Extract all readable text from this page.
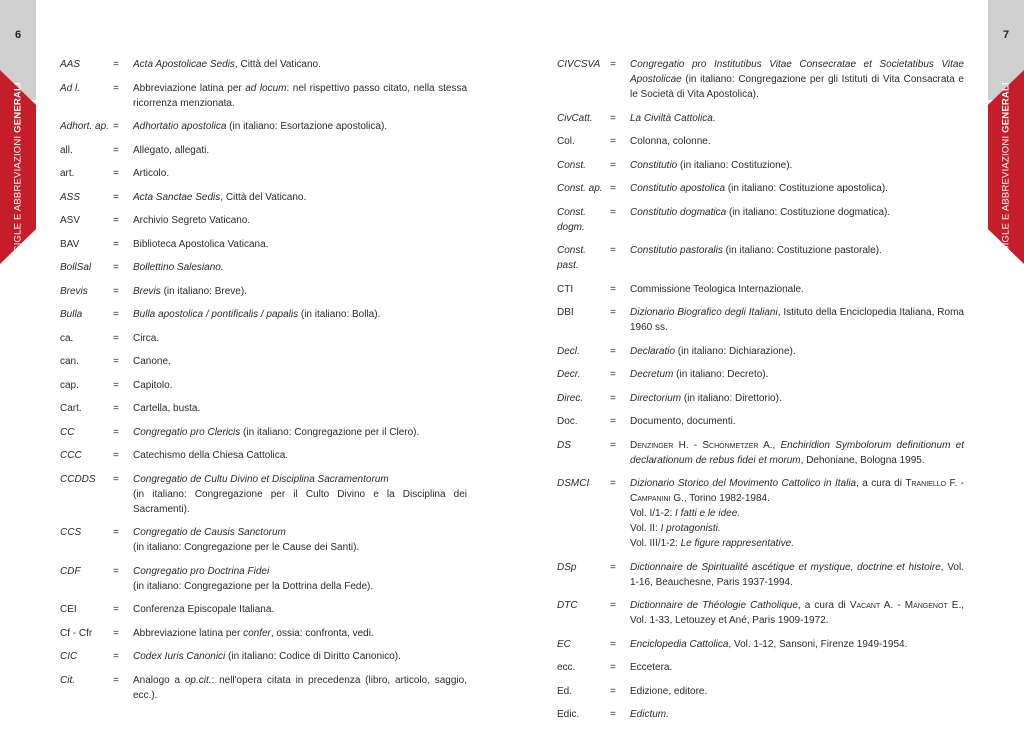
6
SIGLE E ABBREVIAZIONI GENERALI
7
SIGLE E ABBREVIAZIONI GENERALI
AAS	=	Acta Apostolicae Sedis, Città del Vaticano.
Ad l.	=	Abbreviazione latina per ad locum: nel rispettivo passo citato, nella stessa ricorrenza menzionata.
Adhort. ap. =	Adhortatio apostolica (in italiano: Esortazione apostolica).
all.	=	Allegato, allegati.
art.	=	Articolo.
ASS	=	Acta Sanctae Sedis, Città del Vaticano.
ASV	=	Archivio Segreto Vaticano.
BAV	=	Biblioteca Apostolica Vaticana.
BollSal	=	Bollettino Salesiano.
Brevis	=	Brevis (in italiano: Breve).
Bulla	=	Bulla apostolica / pontificalis / papalis (in italiano: Bolla).
ca.	=	Circa.
can.	=	Canone.
cap.	=	Capitolo.
Cart.	=	Cartella, busta.
CC	=	Congregatio pro Clericis (in italiano: Congregazione per il Clero).
CCC	=	Catechismo della Chiesa Cattolica.
CCDDS	=	Congregatio de Cultu Divino et Disciplina Sacramentorum
(in italiano: Congregazione per il Culto Divino e la Disciplina dei Sacramenti).
CCS	=	Congregatio de Causis Sanctorum
(in italiano: Congregazione per le Cause dei Santi).
CDF	=	Congregatio pro Doctrina Fidei
(in italiano: Congregazione per la Dottrina della Fede).
CEI	=	Conferenza Episcopale Italiana.
Cf - Cfr	=	Abbreviazione latina per confer, ossia: confronta, vedi.
CIC	=	Codex Iuris Canonici (in italiano: Codice di Diritto Canonico).
Cit.	=	Analogo a op.cit.: nell'opera citata in precedenza (libro, articolo, saggio, ecc.).
CIVCSVA =	Congregatio pro Institutibus Vitae Consecratae et Societatibus Vitae Apostolicae (in italiano: Congregazione per gli Istituti di Vita Consacrata e le Società di Vita Apostolica).
CivCatt.	=	La Civiltà Cattolica.
Col.	=	Colonna, colonne.
Const.	=	Constitutio (in italiano: Costituzione).
Const. ap. =	Constitutio apostolica (in italiano: Costituzione apostolica).
Const. dogm.
=	Constitutio dogmatica (in italiano: Costituzione dogmatica).
Const. past.
=	Constitutio pastoralis (in italiano: Costituzione pastorale).
CTI	=	Commissione Teologica Internazionale.
DBI	=	Dizionario Biografico degli Italiani, Istituto della Enciclopedia Italiana, Roma 1960 ss.
Decl.	=	Declaratio (in italiano: Dichiarazione).
Decr.	=	Decretum (in italiano: Decreto).
Direc.	=	Directorium (in italiano: Direttorio).
Doc.	=	Documento, documenti.
DS	=	Denzinger H. - Schönmetzer A., Enchiridion Symbolorum definitionum et declarationum de rebus fidei et morum, Dehoniane, Bologna 1995.
DSMCI	=	Dizionario Storico del Movimento Cattolico in Italia, a cura di Traniello F. - Campanini G., Torino 1982-1984.
Vol. I/1-2: I fatti e le idee.
Vol. II: I protagonisti.
Vol. III/1-2: Le figure rappresentative.
DSp	=	Dictionnaire de Spiritualité ascétique et mystique, doctrine et histoire, Vol. 1-16, Beauchesne, Paris 1937-1994.
DTC	=	Dictionnaire de Théologie Catholique, a cura di Vacant A. - Mangenot E., Vol. 1-33, Letouzey et Ané, Paris 1909-1972.
EC	=	Enciclopedia Cattolica, Vol. 1-12, Sansoni, Firenze 1949-1954.
ecc.	=	Eccetera.
Ed.	=	Edizione, editore.
Edic.	=	Edictum.
